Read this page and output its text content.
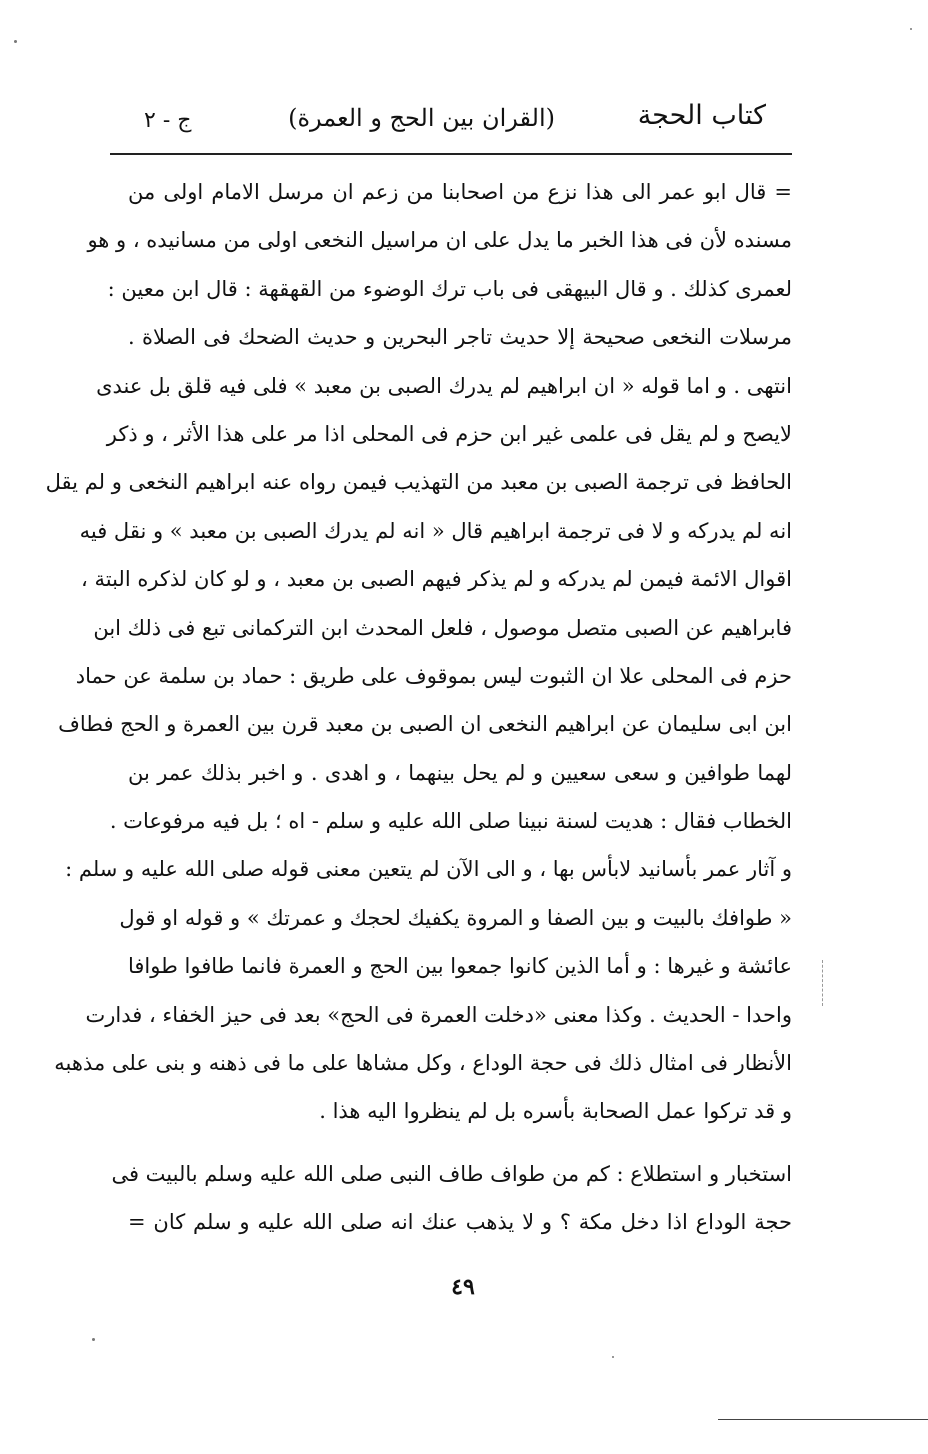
كتاب الحجة
(القران بين الحج و العمرة)
ج - ٢
= قال ابو عمر الى هذا نزع من اصحابنا من زعم ان مرسل الامام اولى من
مسنده لأن فى هذا الخبر ما يدل على ان مراسيل النخعى اولى من مسانيده ، و هو
لعمرى كذلك . و قال البيهقى فى باب ترك الوضوء من القهقهة : قال ابن معين :
مرسلات النخعى صحيحة إلا حديث تاجر البحرين و حديث الضحك فى الصلاة .
انتهى . و اما قوله « ان ابراهيم لم يدرك الصبى بن معبد » فلى فيه قلق بل عندى
لايصح و لم يقل فى علمى غير ابن حزم فى المحلى اذا مر على هذا الأثر ، و ذكر
الحافظ فى ترجمة الصبى بن معبد من التهذيب فيمن رواه عنه ابراهيم النخعى و لم يقل
انه لم يدركه و لا فى ترجمة ابراهيم قال « انه لم يدرك الصبى بن معبد » و نقل فيه
اقوال الائمة فيمن لم يدركه و لم يذكر فيهم الصبى بن معبد ، و لو كان لذكره البتة ،
فابراهيم عن الصبى متصل موصول ، فلعل المحدث ابن التركمانى تبع فى ذلك ابن
حزم فى المحلى علا ان الثبوت ليس بموقوف على طريق : حماد بن سلمة عن حماد
ابن ابى سليمان عن ابراهيم النخعى ان الصبى بن معبد قرن بين العمرة و الحج فطاف
لهما طوافين و سعى سعيين و لم يحل بينهما ، و اهدى . و اخبر بذلك عمر بن
الخطاب فقال : هديت لسنة نبينا صلى الله عليه و سلم - اه ؛ بل فيه مرفوعات .
و آثار عمر بأسانيد لابأس بها ، و الى الآن لم يتعين معنى قوله صلى الله عليه و سلم :
« طوافك بالبيت و بين الصفا و المروة يكفيك لحجك و عمرتك » و قوله او قول
عائشة و غيرها : و أما الذين كانوا جمعوا بين الحج و العمرة فانما طافوا طوافا
واحدا - الحديث . وكذا معنى «دخلت العمرة فى الحج» بعد فى حيز الخفاء ، فدارت
الأنظار فى امثال ذلك فى حجة الوداع ، وكل مشاها على ما فى ذهنه و بنى على مذهبه
و قد تركوا عمل الصحابة بأسره بل لم ينظروا اليه هذا .
استخبار و استطلاع : كم من طواف طاف النبى صلى الله عليه وسلم بالبيت فى
حجة الوداع اذا دخل مكة ؟ و لا يذهب عنك انه صلى الله عليه و سلم كان =
٤٩
